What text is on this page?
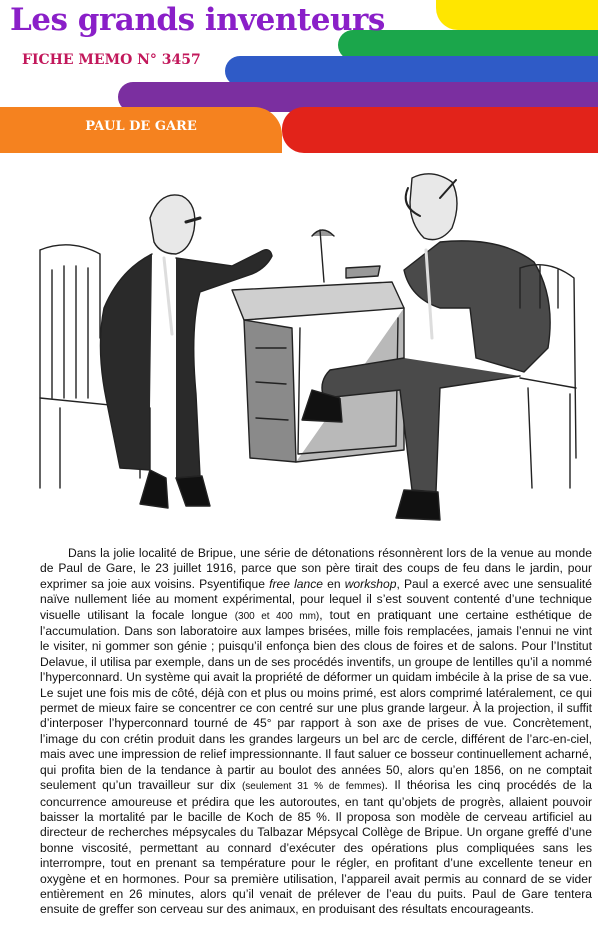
Les grands inventeurs
FICHE MEMO N° 3457
PAUL DE GARE

Dans la jolie localité de Bripue, une série de détonations résonnèrent lors de la venue au monde de Paul de Gare, le 23 juillet 1916, parce que son père tirait des coups de feu dans le jardin, pour exprimer sa joie aux voisins. Psyentifique free lance en workshop, Paul a exercé avec une sensualité naïve nullement liée au moment expérimental, pour lequel il s’est souvent contenté d’une technique visuelle utilisant la focale longue (300 et 400 mm), tout en pratiquant une certaine esthétique de l’accumulation. Dans son laboratoire aux lampes brisées, mille fois remplacées, jamais l’ennui ne vint le visiter, ni gommer son génie ; puisqu’il enfonça bien des clous de foires et de salons. Pour l’Institut Delavue, il utilisa par exemple, dans un de ses procédés inventifs, un groupe de lentilles qu’il a nommé l’hyperconnard. Un système qui avait la propriété de déformer un quidam imbécile à la prise de sa vue. Le sujet une fois mis de côté, déjà con et plus ou moins primé, est alors comprimé latéralement, ce qui permet de mieux faire se concentrer ce con centré sur une plus grande largeur. À la projection, il suffit d’interposer l’hyperconnard tourné de 45° par rapport à son axe de prises de vue. Concrètement, l’image du con crétin produit dans les grandes largeurs un bel arc de cercle, différent de l’arc-en-ciel, mais avec une impression de relief impressionnante. Il faut saluer ce bosseur continuellement acharné, qui profita bien de la tendance à partir au boulot des années 50, alors qu’en 1856, on ne comptait seulement qu’un travailleur sur dix (seulement 31 % de femmes). Il théorisa les cinq procédés de la concurrence amoureuse et prédira que les autoroutes, en tant qu’objets de progrès, allaient pouvoir baisser la mortalité par le bacille de Koch de 85 %. Il proposa son modèle de cerveau artificiel au directeur de recherches mépsycales du Talbazar Mépsycal Collège de Bripue. Un organe greffé d’une bonne viscosité, permettant au connard d’exécuter des opérations plus compliquées sans les interrompre, tout en prenant sa température pour le régler, en profitant d’une excellente teneur en oxygène et en hormones. Pour sa première utilisation, l’appareil avait permis au connard de se vider entièrement en 26 minutes, alors qu’il venait de prélever de l’eau du puits. Paul de Gare tentera ensuite de greffer son cerveau sur des animaux, en produisant des résultats encourageants.
